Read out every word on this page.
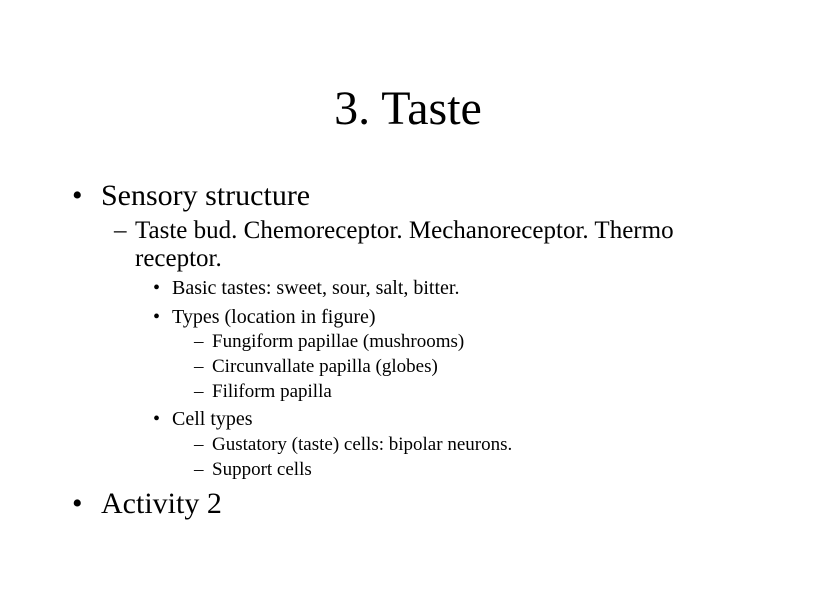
3. Taste
• Sensory structure
– Taste bud. Chemoreceptor. Mechanoreceptor. Thermo
receptor.
• Basic tastes: sweet, sour, salt, bitter.
• Types (location in figure)
– Fungiform papillae (mushrooms)
– Circunvallate papilla (globes)
– Filiform papilla
• Cell types
– Gustatory (taste) cells: bipolar neurons.
– Support cells
• Activity 2
